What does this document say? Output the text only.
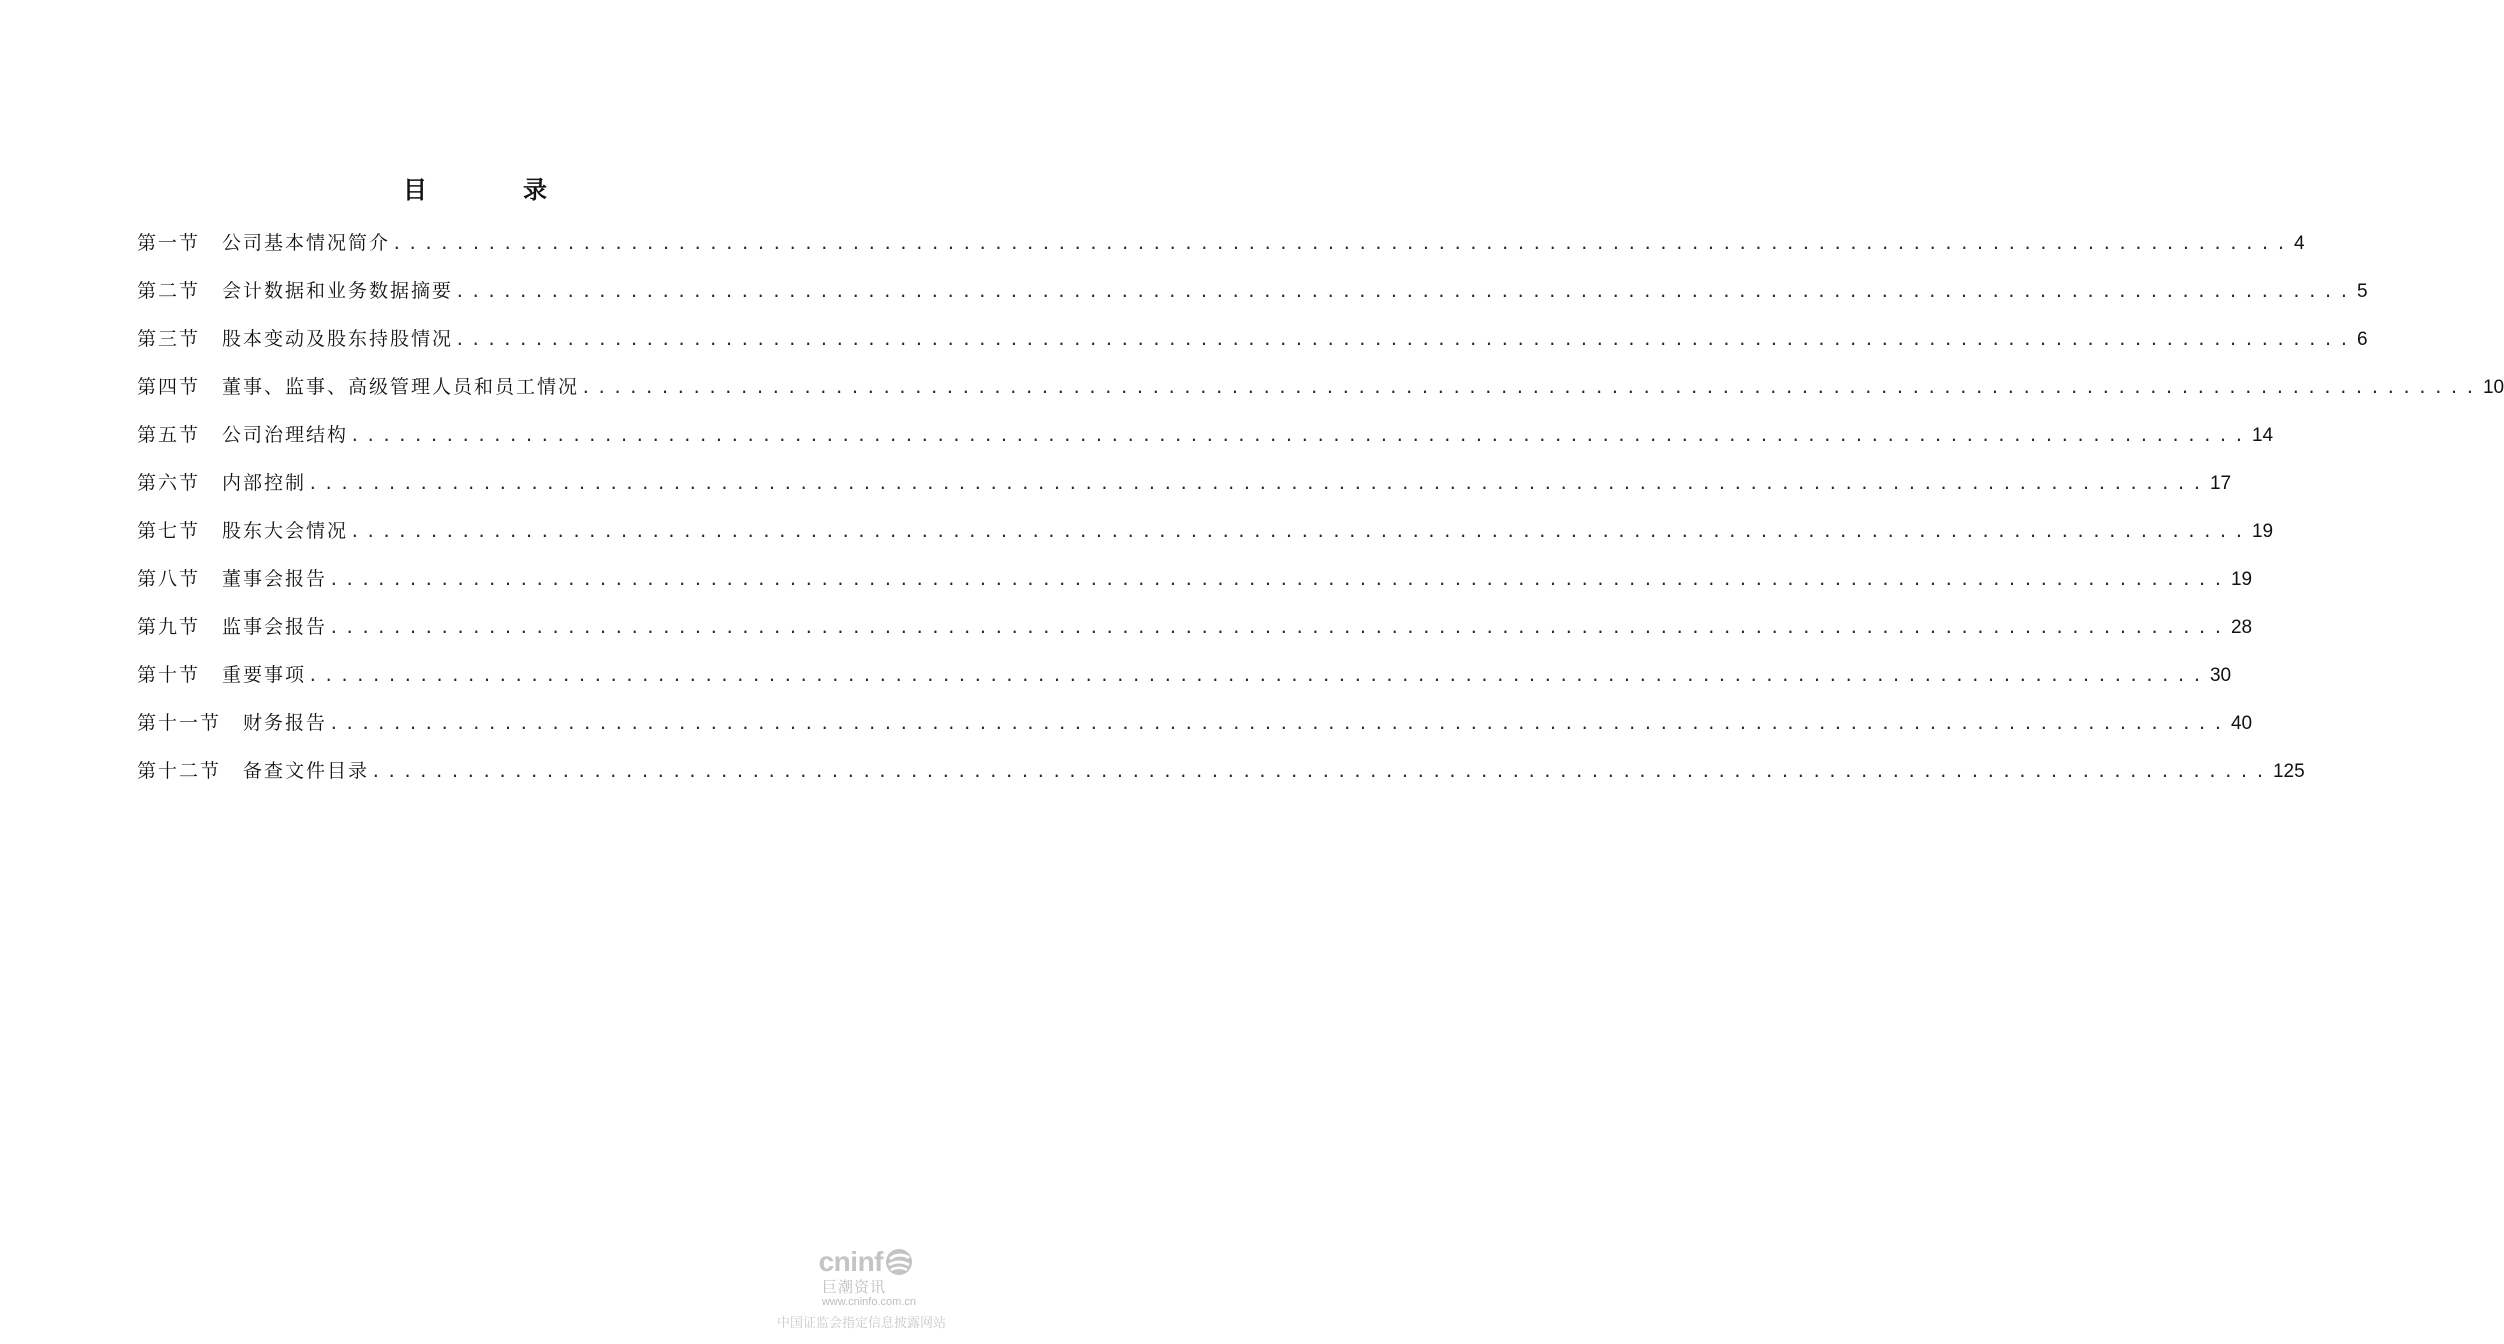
目	录
第一节 公司基本情况简介 ........................................................................................................................ 4
第二节 会计数据和业务数据摘要 ........................................................................................................................ 5
第三节 股本变动及股东持股情况 ........................................................................................................................ 6
第四节 董事、监事、高级管理人员和员工情况 ........................................................................................................................ 10
第五节 公司治理结构 ........................................................................................................................ 14
第六节 内部控制 ........................................................................................................................ 17
第七节 股东大会情况 ........................................................................................................................ 19
第八节 董事会报告 ........................................................................................................................ 19
第九节 监事会报告 ........................................................................................................................ 28
第十节 重要事项 ........................................................................................................................ 30
第十一节 财务报告 ........................................................................................................................ 40
第十二节 备查文件目录 ........................................................................................................................ 125
cninf
巨潮资讯
www.cninfo.com.cn
中国证监会指定信息披露网站
